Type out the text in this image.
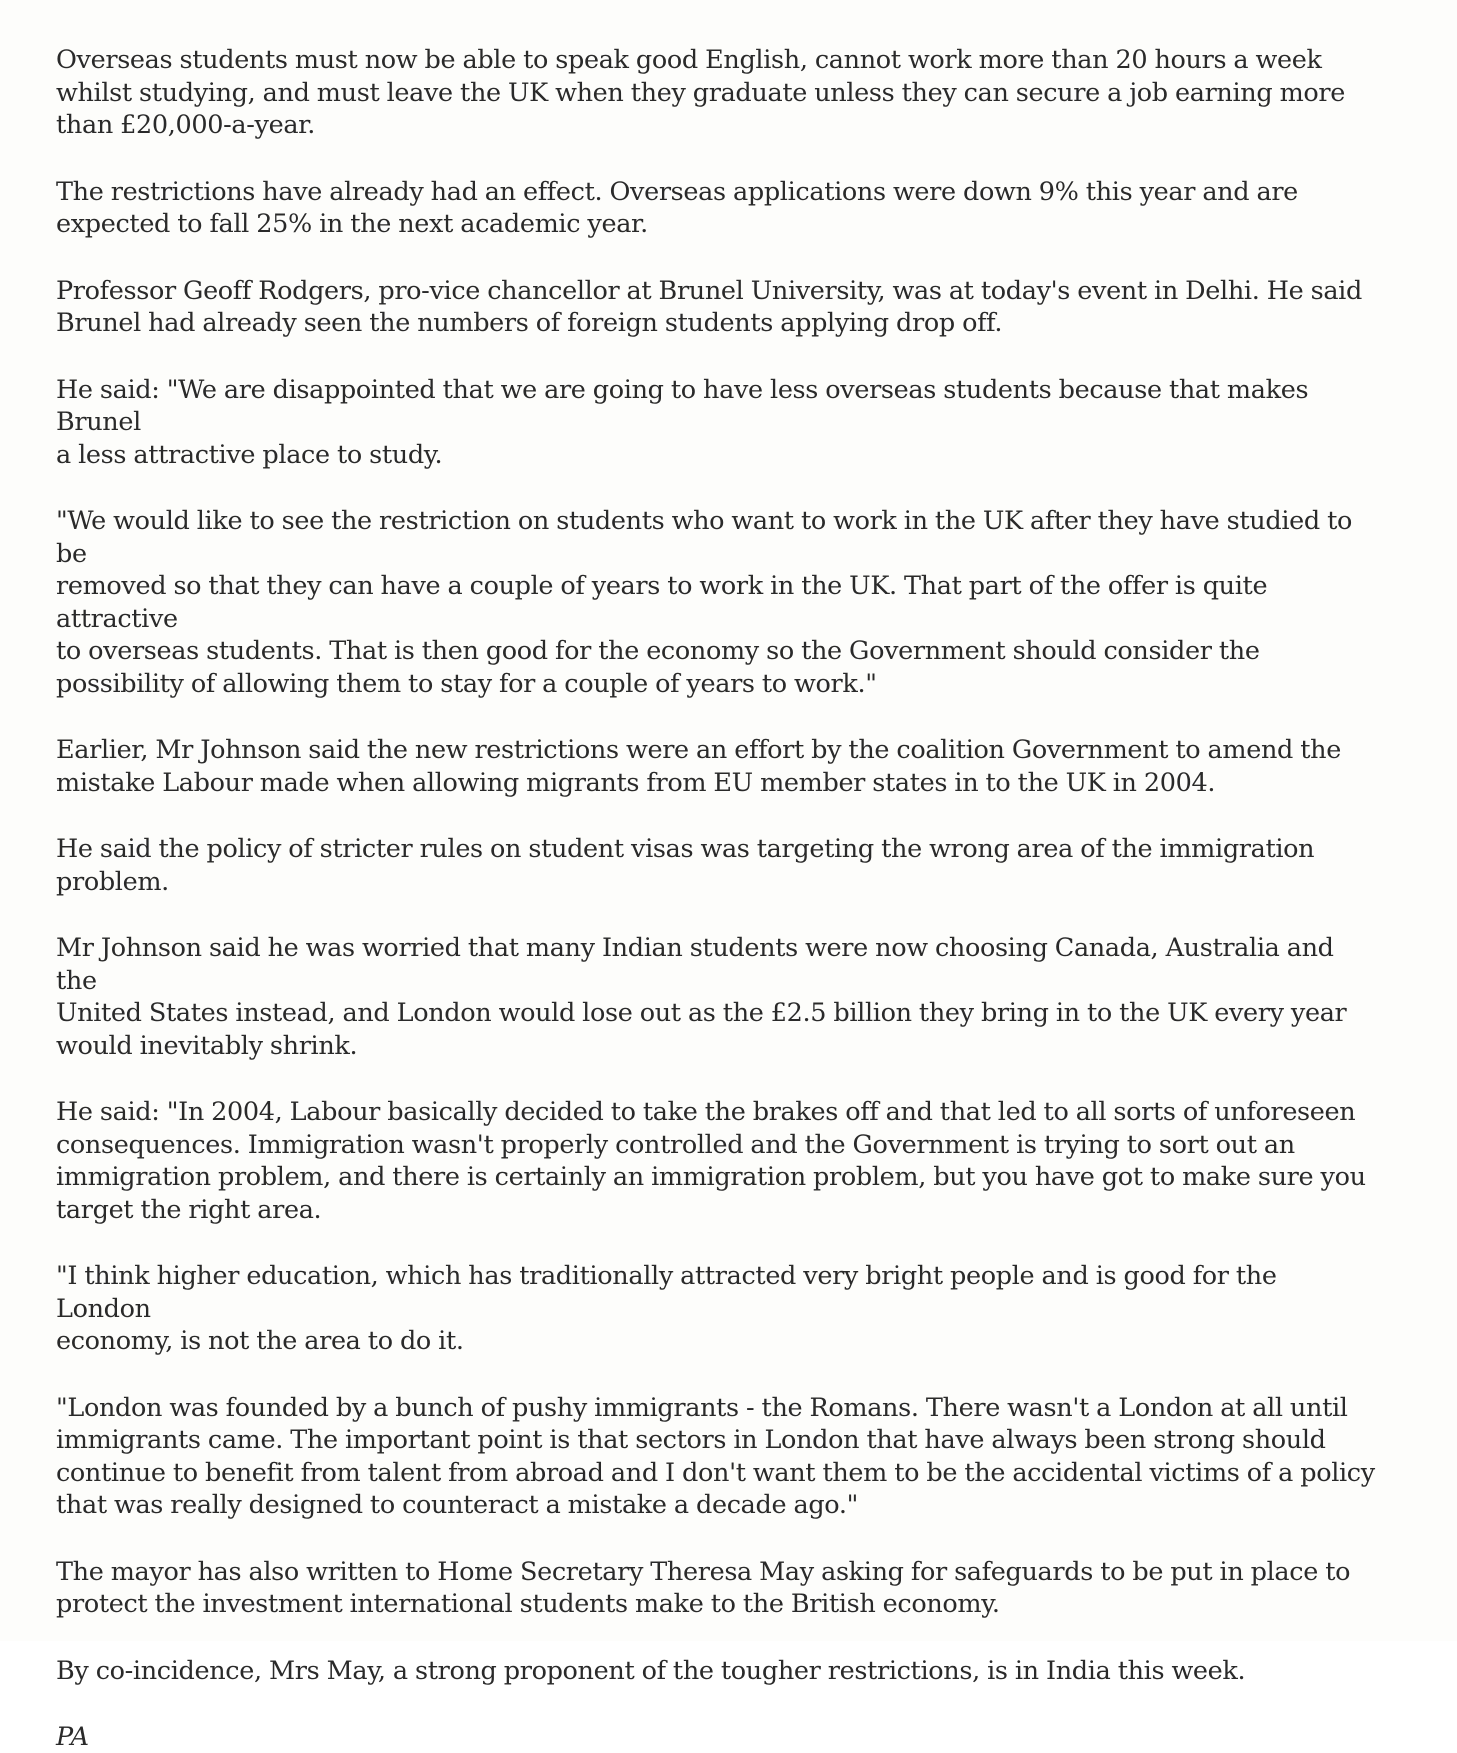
Overseas students must now be able to speak good English, cannot work more than 20 hours a week
whilst studying, and must leave the UK when they graduate unless they can secure a job earning more
than £20,000-a-year.

The restrictions have already had an effect. Overseas applications were down 9% this year and are
expected to fall 25% in the next academic year.

Professor Geoff Rodgers, pro-vice chancellor at Brunel University, was at today's event in Delhi. He said
Brunel had already seen the numbers of foreign students applying drop off.

He said: "We are disappointed that we are going to have less overseas students because that makes Brunel
a less attractive place to study.

"We would like to see the restriction on students who want to work in the UK after they have studied to be
removed so that they can have a couple of years to work in the UK. That part of the offer is quite attractive
to overseas students. That is then good for the economy so the Government should consider the
possibility of allowing them to stay for a couple of years to work."

Earlier, Mr Johnson said the new restrictions were an effort by the coalition Government to amend the
mistake Labour made when allowing migrants from EU member states in to the UK in 2004.

He said the policy of stricter rules on student visas was targeting the wrong area of the immigration
problem.

Mr Johnson said he was worried that many Indian students were now choosing Canada, Australia and the
United States instead, and London would lose out as the £2.5 billion they bring in to the UK every year
would inevitably shrink.

He said: "In 2004, Labour basically decided to take the brakes off and that led to all sorts of unforeseen
consequences. Immigration wasn't properly controlled and the Government is trying to sort out an
immigration problem, and there is certainly an immigration problem, but you have got to make sure you
target the right area.

"I think higher education, which has traditionally attracted very bright people and is good for the London
economy, is not the area to do it.

"London was founded by a bunch of pushy immigrants - the Romans. There wasn't a London at all until
immigrants came. The important point is that sectors in London that have always been strong should
continue to benefit from talent from abroad and I don't want them to be the accidental victims of a policy
that was really designed to counteract a mistake a decade ago."

The mayor has also written to Home Secretary Theresa May asking for safeguards to be put in place to
protect the investment international students make to the British economy.

By co-incidence, Mrs May, a strong proponent of the tougher restrictions, is in India this week.

PA
